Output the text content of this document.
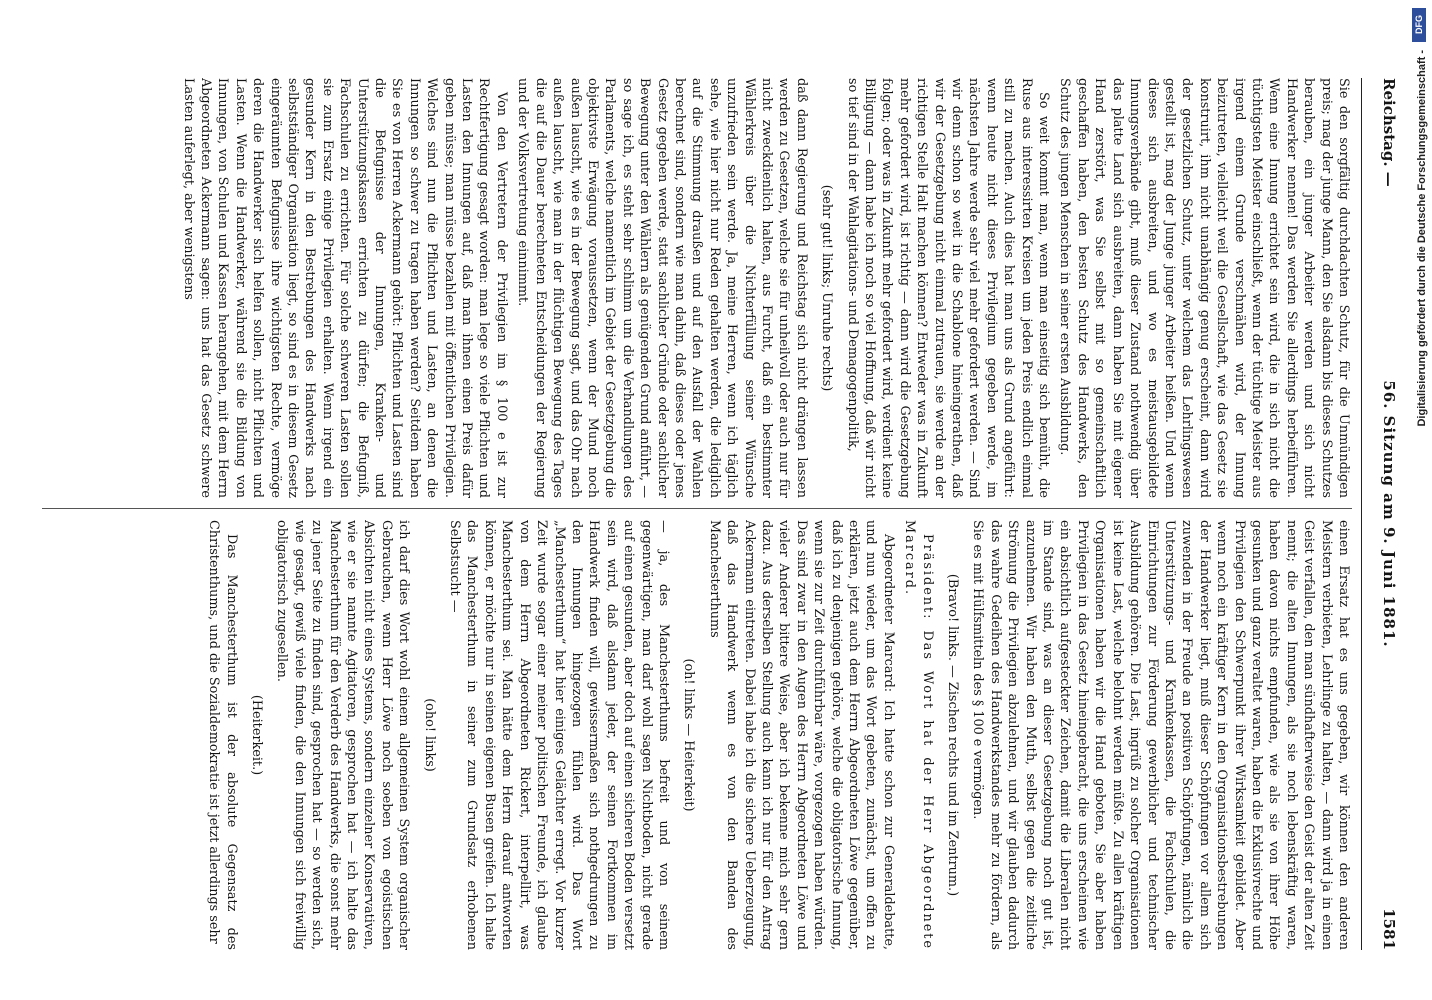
Reichstag. —
56. Sitzung am 9. Juni 1881.
1581

Sie den sorgfältig durchdachten Schutz, für die Unmündigen preis; mag der junge Mann, den Sie alsdann bis dieses Schutzes berauben, ein junger Arbeiter werden und sich nicht Handwerker nennen! Das werden Sie allerdings herbeiführen. Wenn eine Innung errichtet sein wird, die in sich nicht die tüchtigsten Meister einschließt, wenn der tüchtige Meister aus irgend einem Grunde verschmähen wird, der Innung beizutreten, vielleicht weil die Gesellschaft, wie das Gesetz sie konstruirt, ihm nicht unabhängig genug erscheint, dann wird der gesetzlichen Schutz, unter welchem das Lehrlingswesen gestellt ist, mag der Junge junger Arbeiter heißen. Und wenn dieses sich ausbreiten, und wo es meistausgebildete Innungsverbände gibt, muß dieser Zustand nothwendig über das platte Land sich ausbreiten, dann haben Sie mit eigener Hand zerstört, was Sie selbst mit so gemeinschaftlich geschaffen haben, den besten Schutz des Handwerks, den Schutz des jungen Menschen in seiner ersten Ausbildung.

So weit kommt man, wenn man einseitig sich bemüht, die Ruse aus interessirten Kreisen um jeden Preis endlich einmal still zu machen. Auch dies hat man uns als Grund angeführt: wenn heute nicht dieses Privilegium gegeben werde, im nächsten Jahre werde sehr viel mehr gefordert werden. — Sind wir denn schon so weit in die Schablone hineingerathen, daß wir der Gesetzgebung nicht einmal zutrauen, sie werde an der richtigen Stelle Halt machen können? Entweder was in Zukunft mehr gefordert wird, ist richtig — dann wird die Gesetzgebung folgen; oder was in Zukunft mehr gefordert wird, verdient keine Billigung — dann habe ich noch so viel Hoffnung, daß wir nicht so tief sind in der Wahlagitations- und Demagogenpolitik,

(sehr gut! links; Unruhe rechts)

daß dann Regierung und Reichstag sich nicht drängen lassen werden zu Gesetzen, welche sie für unheilvoll oder auch nur für nicht zweckdienlich halten, aus Furcht, daß ein bestimmter Wählerkreis über die Nichterfüllung seiner Wünsche unzufrieden sein werde. Ja, meine Herren, wenn ich täglich sehe, wie hier nicht nur Reden gehalten werden, die lediglich auf die Stimmung draußen und auf den Ausfall der Wahlen berechnet sind, sondern wie man dahin, daß dieses oder jenes Gesetz gegeben werde, statt sachlicher Gründe oder sachlicher Bewegung unter den Wählern als genügenden Grund anführt, — so sage ich, es steht sehr schlimm um die Verhandlungen des Parlaments, welche namentlich im Gebiet der Gesetzgebung die objektivste Erwägung voraussetzen, wenn der Mund noch außen lauscht, wie es in der Bewegung sagt, und das Ohr nach außen lauscht, wie man in der flüchtigen Bewegung des Tages die auf die Dauer berechneten Entscheidungen der Regierung und der Volksvertretung einnimmt.

Von den Vertretern der Privilegien im § 100 e ist zur Rechtfertigung gesagt worden: man lege so viele Pflichten und Lasten den Innungen auf, daß man ihnen einen Preis dafür geben müsse; man müsse bezahlen mit öffentlichen Privilegien. Welches sind nun die Pflichten und Lasten, an denen die Innungen so schwer zu tragen haben werden? Seitdem haben Sie es von Herren Ackermann gehört: Pflichten und Lasten sind die Befugnisse der Innungen, Kranken- und Unterstützungskassen errichten zu dürfen; die Befugniß, Fachschulen zu errichten. Für solche schweren Lasten sollen sie zum Ersatz einige Privilegien erhalten. Wenn irgend ein gesunder Kern in den Bestrebungen des Handwerks nach selbstständiger Organisation liegt, so sind es in diesem Gesetz eingeräumten Befugnisse ihre wichtigsten Rechte, vermöge deren die Handwerker sich helfen sollen, nicht Pflichten und Lasten. Wenn die Handwerker, während sie die Bildung von Innungen, von Schulen und Kassen herangehen, mit dem Herrn Abgeordneten Ackermann sagen: uns hat das Gesetz schwere Lasten auferlegt, aber wenigstens

einen Ersatz hat es uns gegeben, wir können den anderen Meistern verbieten, Lehrlinge zu halten, — dann wird ja in einen Geist verfallen, den man sündhafterweise den Geist der alten Zeit nennt; die alten Innungen, als sie noch lebenskräftig waren, haben davon nichts empfunden, wie als sie von ihrer Höhe gesunken und ganz veraltet waren, haben die Exklusivrechte und Privilegien den Schwerpunkt ihrer Wirksamkeit gebildet. Aber wenn noch ein kräftiger Kern in den Organisationsbestrebungen der Handwerker liegt, muß dieser Schöpfungen vor allem sich zuwenden in der Freude an positiven Schöpfungen, nämlich die Unterstützungs- und Krankenkassen, die Fachschulen, die Einrichtungen zur Förderung gewerblicher und technischer Ausbildung gehören. Die Last, ingrüß zu solcher Organisationen ist keine Last, welche belohnt werden müßte. Zu allen kräftigen Organisationen haben wir die Hand geboten, Sie aber haben Privilegien in das Gesetz hineingebracht, die uns erscheinen wie ein absichtlich aufgesteckter Zeichen, damit die Liberalen nicht im Stande sind, was an dieser Gesetzgebung noch gut ist, anzunehmen. Wir haben den Muth, selbst gegen die zeitliche Strömung die Privilegien abzulehnen, und wir glauben dadurch das wahre Gedeihen des Handwerkstandes mehr zu fördern, als Sie es mit Hülfsmitteln des § 100 e vermögen.

(Bravo! links. — Zischen rechts und im Zentrum.)

Präsident: Das Wort hat der Herr Abgeordnete Marcard.

Abgeordneter Marcard: Ich hatte schon zur Generaldebatte, und nun wieder, um das Wort gebeten, zunächst, um offen zu erklären, jetzt auch dem Herrn Abgeordneten Löwe gegenüber, daß ich zu denjenigen gehöre, welche die obligatorische Innung, wenn sie zur Zeit durchführbar wäre, vorgezogen haben würden. Das sind zwar in den Augen des Herrn Abgeordneten Löwe und vieler Anderer bittere Weise, aber ich bekenne mich sehr gern dazu. Aus derselben Stellung auch kann ich nur für den Antrag Ackermann eintreten. Dabei habe ich die sichere Ueberzeugung, daß das Handwerk wenn es von den Banden des Manchesterthums

(oh! links — Heiterkeit)

— ja, des Manchesterthums befreit und von seinem gegenwärtigen, man darf wohl sagen Nichtboden, nicht gerade auf einen gesunden, aber doch auf einen sicheren Boden versetzt sein wird, daß alsdann jeder, der seinen Fortkommen im Handwerk finden will, gewissermaßen sich nothgedrungen zu den Innungen hingezogen fühlen wird. Das Wort „Manchesterthum“ hat hier einiges Gelächter erregt. Vor kurzer Zeit wurde sogar einer meiner politischen Freunde, ich glaube von dem Herrn Abgeordneten Rickert, interpellirt, was Manchesterthum sei. Man hätte dem Herrn darauf antworten können, er möchte nur in seinen eigenen Busen greifen. Ich halte das Manchesterthum in seiner zum Grundsatz erhobenen Selbstsucht —

(oho! links)

ich darf dies Wort wohl einem allgemeinen System organischer Gebrauchen, wenn Herr Löwe noch soeben von egoistischen Absichten nicht eines Systems, sondern einzelner Konservativen, wie er sie nannte Agitatoren, gesprochen hat — ich halte das Manchesterthum für den Verderb des Handwerks, die sonst mehr zu jener Seite zu finden sind, gesprochen hat — so werden sich, wie gesagt, gewiß viele finden, die den Innungen sich freiwillig obligatorisch zugesellen.

(Heiterkeit.)

Das Manchesterthum ist der absolute Gegensatz des Christenthums, und die Sozialdemokratie ist jetzt allerdings sehr

DFG
Digitalisierung gefördert durch die Deutsche Forschungsgemeinschaft -
